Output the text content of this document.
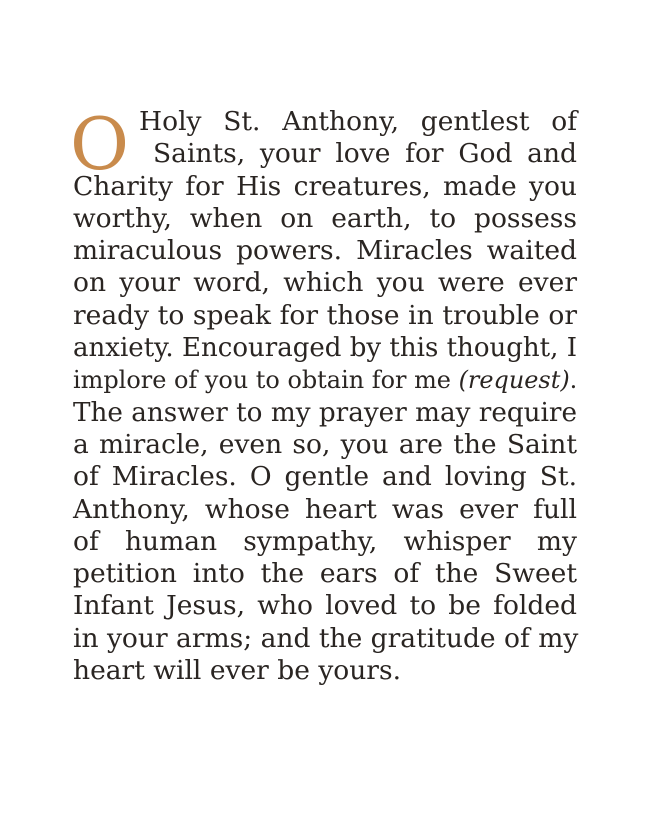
O Holy St. Anthony, gentlest of
Saints, your love for God and
Charity for His creatures, made you
worthy, when on earth, to possess
miraculous powers. Miracles waited
on your word, which you were ever
ready to speak for those in trouble or
anxiety. Encouraged by this thought, I
implore of you to obtain for me (request).
The answer to my prayer may require
a miracle, even so, you are the Saint
of Miracles. O gentle and loving St.
Anthony, whose heart was ever full
of human sympathy, whisper my
petition into the ears of the Sweet
Infant Jesus, who loved to be folded
in your arms; and the gratitude of my
heart will ever be yours.
